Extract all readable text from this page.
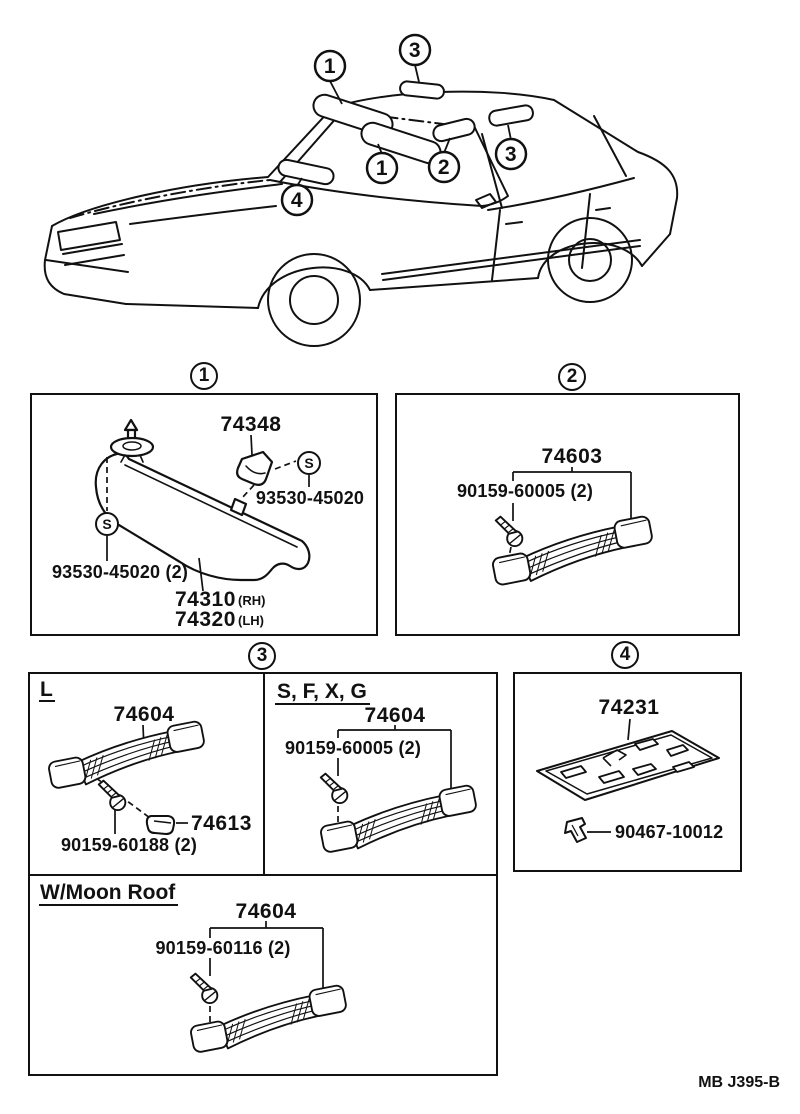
1
3
1 2
3
4
1	2
3	4
S
S
74348
93530-45020
93530-45020 (2)
74310 (RH)
74320 (LH)
74603
90159-60005 (2)
L
74604
74613
90159-60188 (2)
S, F, X, G
74604
90159-60005 (2)
W/Moon Roof
74604
90159-60116 (2)
74231
90467-10012
MB J395-B
